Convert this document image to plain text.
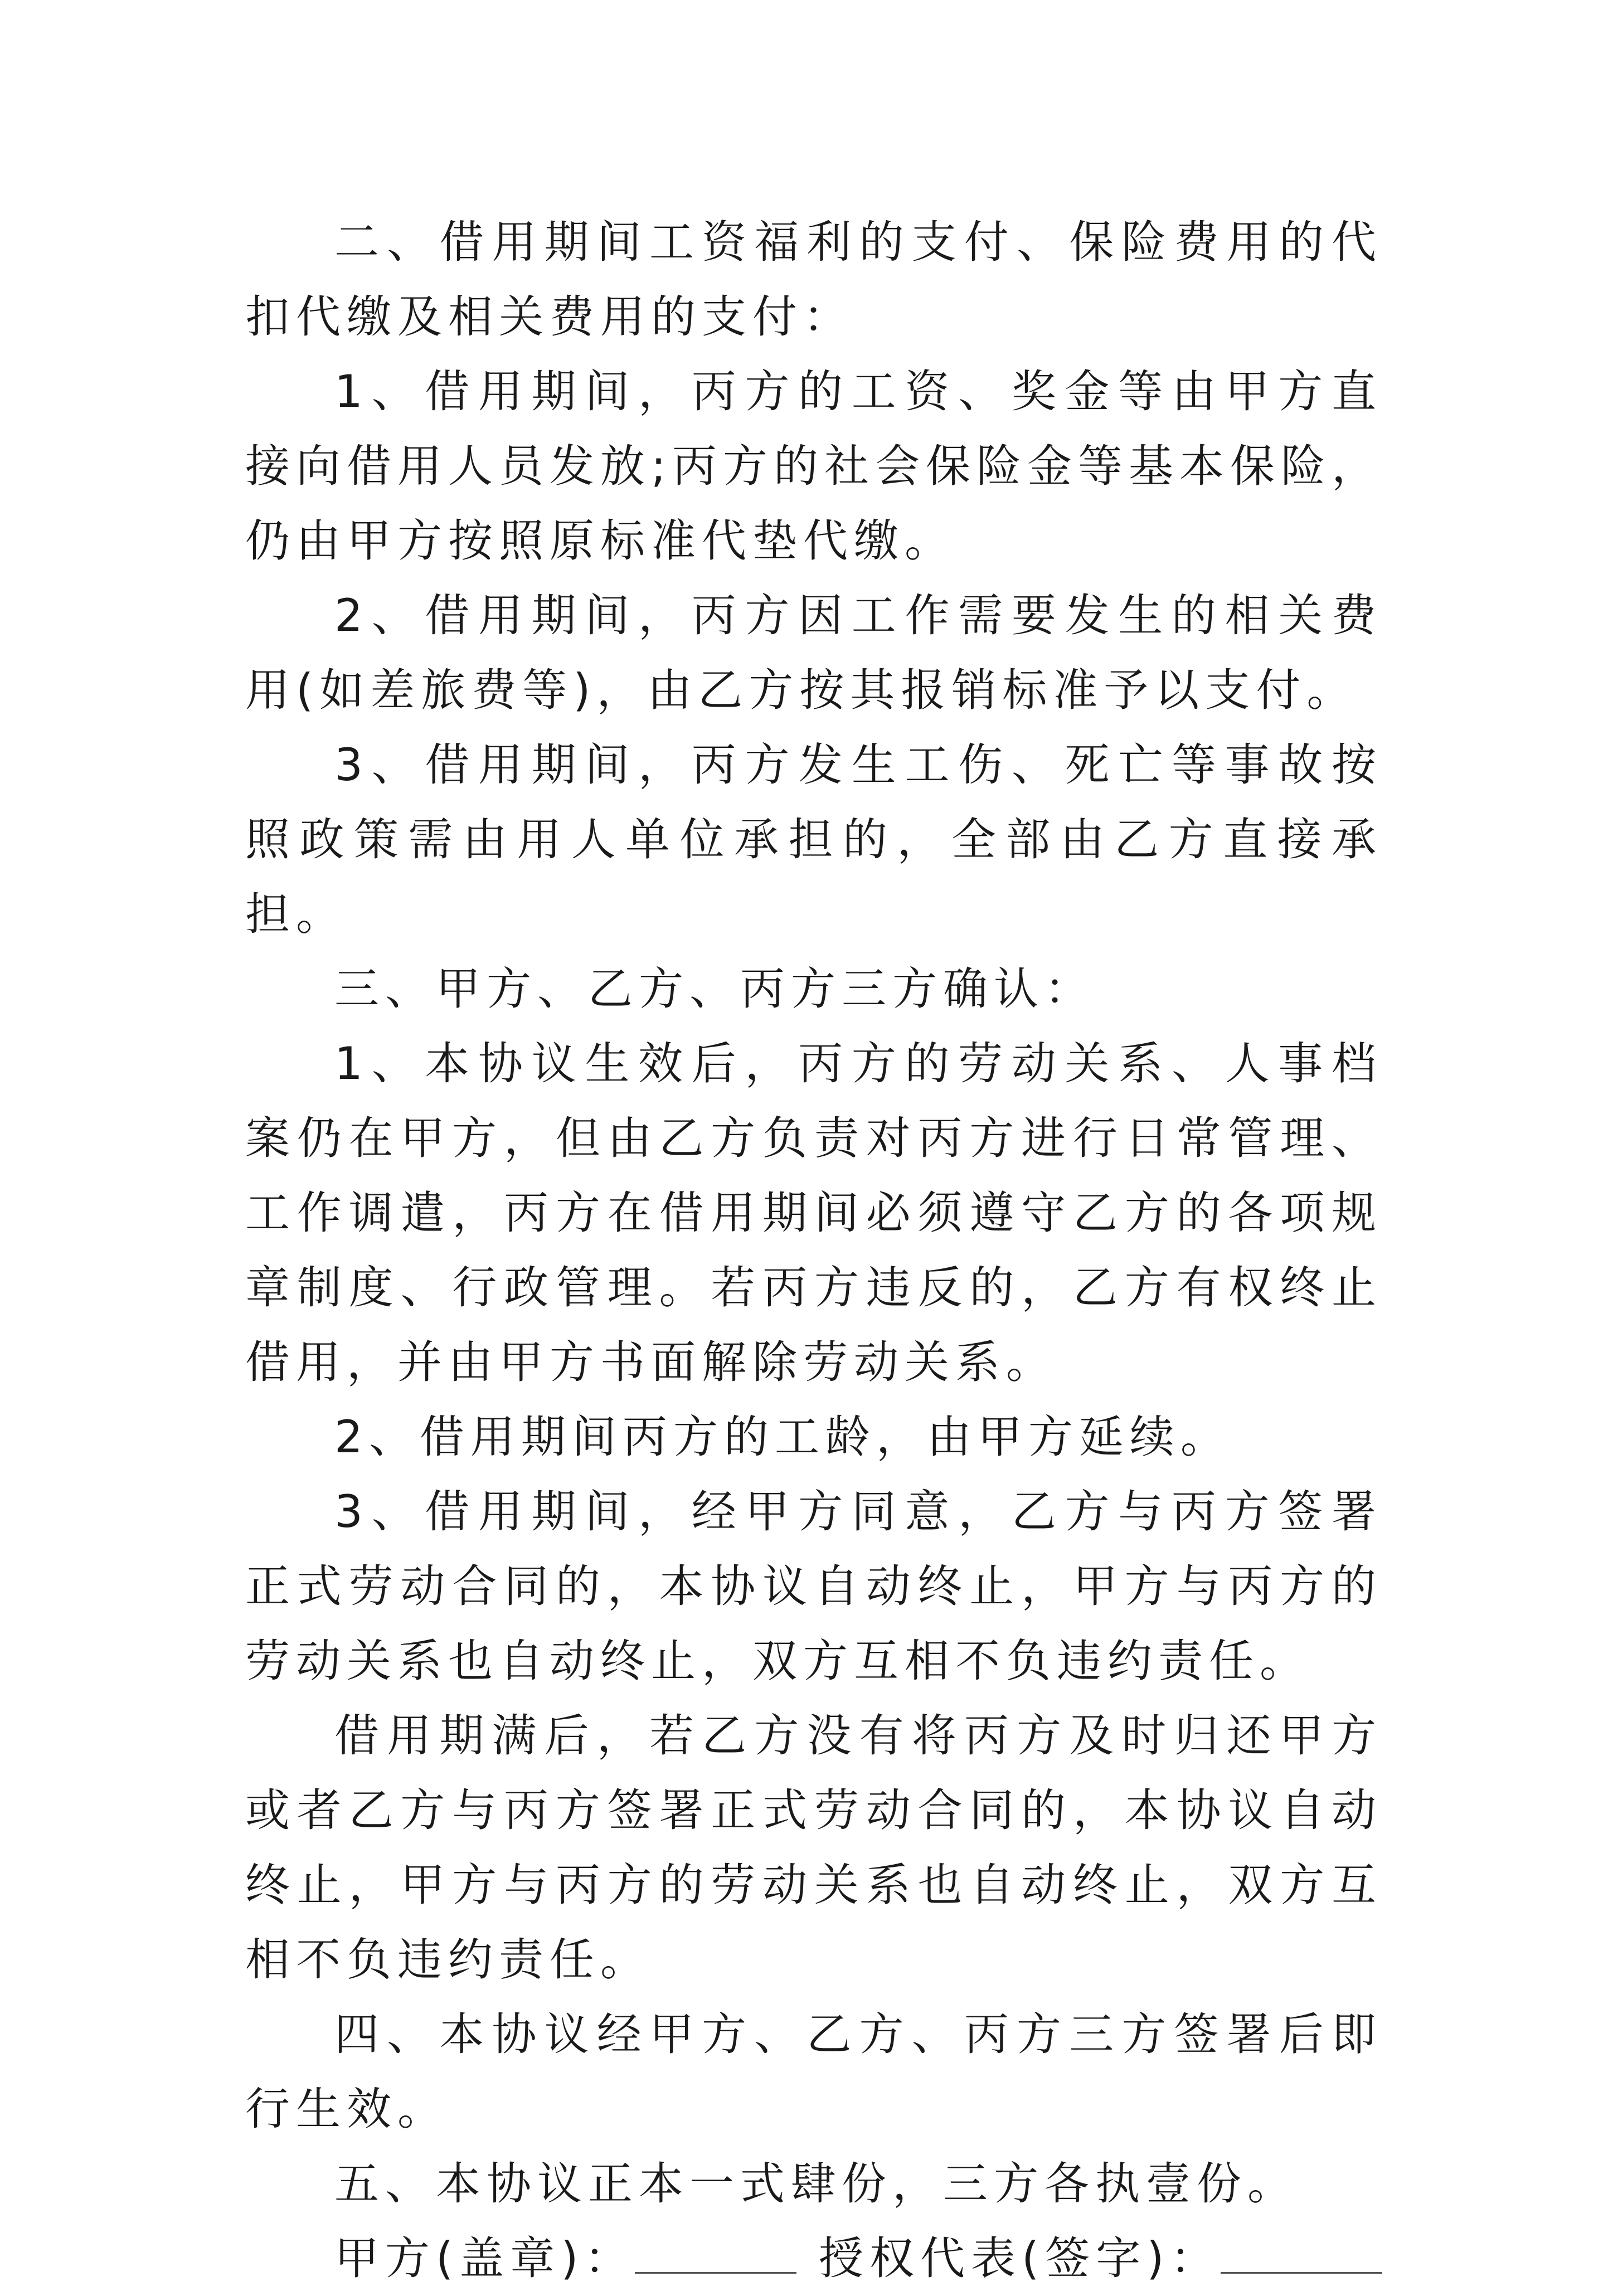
二、借用期间工资福利的支付、保险费用的代扣代缴及相关费用的支付：

1、借用期间，丙方的工资、奖金等由甲方直接向借用人员发放;丙方的社会保险金等基本保险，仍由甲方按照原标准代垫代缴。

2、借用期间，丙方因工作需要发生的相关费用(如差旅费等)，由乙方按其报销标准予以支付。

3、借用期间，丙方发生工伤、死亡等事故按照政策需由用人单位承担的，全部由乙方直接承担。

三、甲方、乙方、丙方三方确认：

1、本协议生效后，丙方的劳动关系、人事档案仍在甲方，但由乙方负责对丙方进行日常管理、工作调遣，丙方在借用期间必须遵守乙方的各项规章制度、行政管理。若丙方违反的，乙方有权终止借用，并由甲方书面解除劳动关系。

2、借用期间丙方的工龄，由甲方延续。

3、借用期间，经甲方同意，乙方与丙方签署正式劳动合同的，本协议自动终止，甲方与丙方的劳动关系也自动终止，双方互相不负违约责任。

借用期满后，若乙方没有将丙方及时归还甲方或者乙方与丙方签署正式劳动合同的，本协议自动终止，甲方与丙方的劳动关系也自动终止，双方互相不负违约责任。

四、本协议经甲方、乙方、丙方三方签署后即行生效。

五、本协议正本一式肆份，三方各执壹份。

甲方(盖章)：	授权代表(签字)：
